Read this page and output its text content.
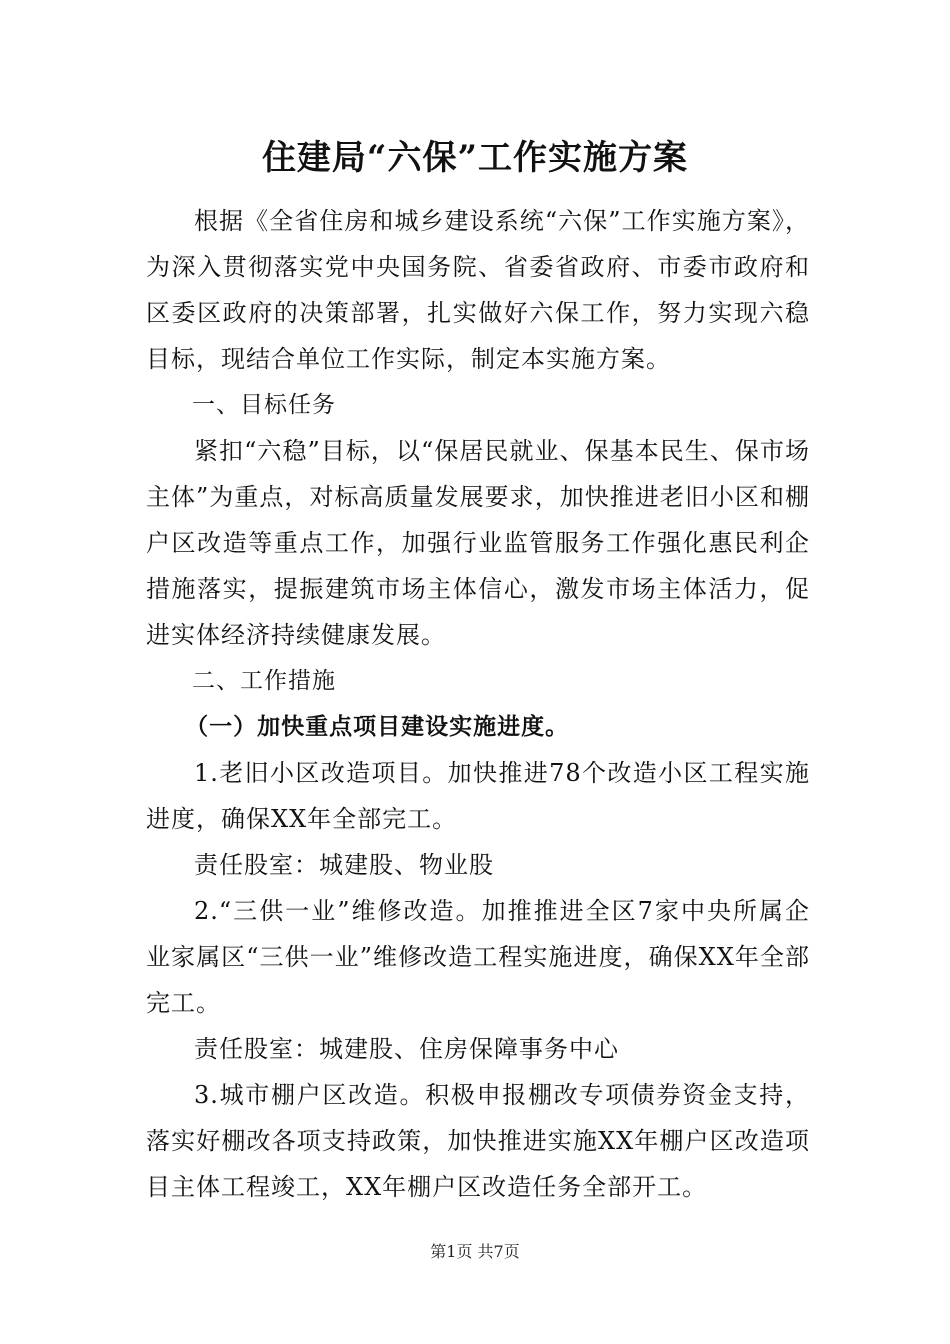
住建局“六保”工作实施方案

根据《全省住房和城乡建设系统“六保”工作实施方案》，为深入贯彻落实党中央国务院、省委省政府、市委市政府和区委区政府的决策部署，扎实做好六保工作，努力实现六稳目标，现结合单位工作实际，制定本实施方案。

一、目标任务

紧扣“六稳”目标，以“保居民就业、保基本民生、保市场主体”为重点，对标高质量发展要求，加快推进老旧小区和棚户区改造等重点工作，加强行业监管服务工作强化惠民利企措施落实，提振建筑市场主体信心，激发市场主体活力，促进实体经济持续健康发展。

二、工作措施

（一）加快重点项目建设实施进度。

1.老旧小区改造项目。加快推进78个改造小区工程实施进度，确保XX年全部完工。

责任股室：城建股、物业股

2.“三供一业”维修改造。加推推进全区7家中央所属企业家属区“三供一业”维修改造工程实施进度，确保XX年全部完工。

责任股室：城建股、住房保障事务中心

3.城市棚户区改造。积极申报棚改专项债券资金支持，落实好棚改各项支持政策，加快推进实施XX年棚户区改造项目主体工程竣工，XX年棚户区改造任务全部开工。

第1页 共7页
